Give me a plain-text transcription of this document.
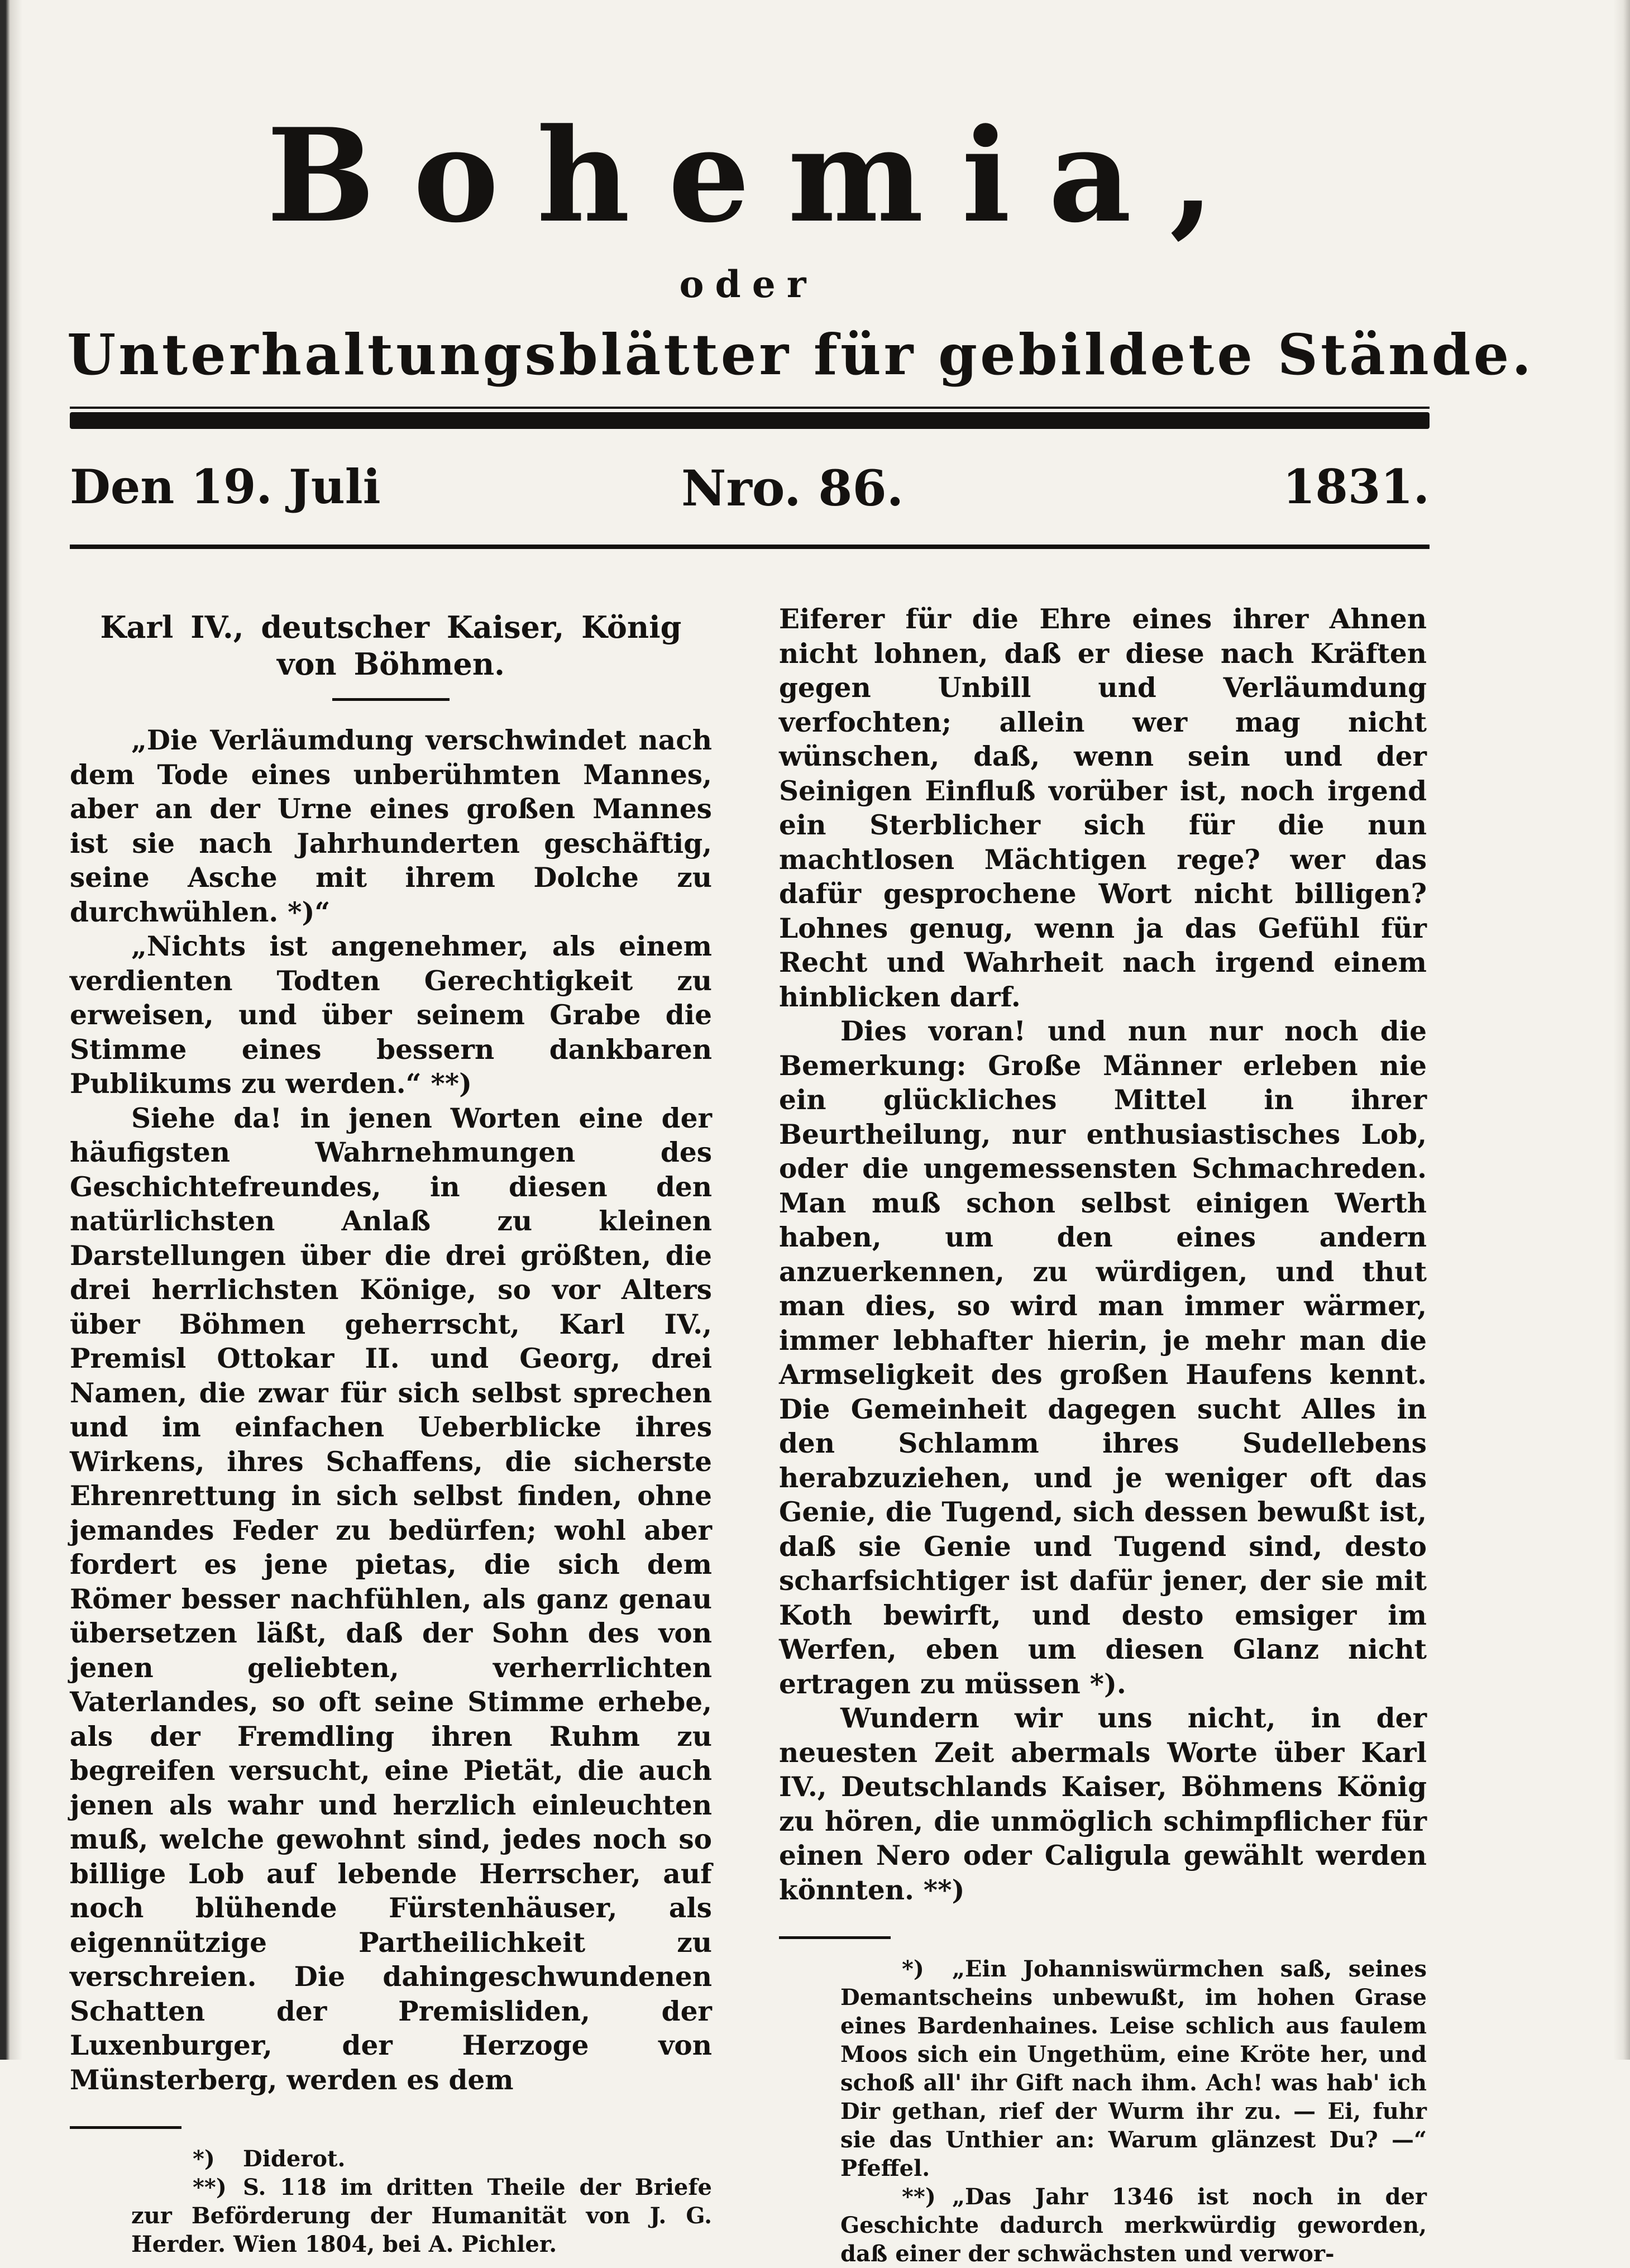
Bohemia,
oder
Unterhaltungsblätter für gebildete Stände.
Den 19. Juli	Nro. 86.	1831.
Karl IV., deutscher Kaiser, König von Böhmen.

„Die Verläumdung verschwindet nach dem Tode eines unberühmten Mannes, aber an der Urne eines großen Mannes ist sie nach Jahrhunderten geschäftig, seine Asche mit ihrem Dolche zu durchwühlen. *)“

„Nichts ist angenehmer, als einem verdienten Todten Gerechtigkeit zu erweisen, und über seinem Grabe die Stimme eines bessern dankbaren Publikums zu werden.“ **)

Siehe da! in jenen Worten eine der häufigsten Wahrnehmungen des Geschichtefreundes, in diesen den natürlichsten Anlaß zu kleinen Darstellungen über die drei größten, die drei herrlichsten Könige, so vor Alters über Böhmen geherrscht, Karl IV., Premisl Ottokar II. und Georg, drei Namen, die zwar für sich selbst sprechen und im einfachen Ueberblicke ihres Wirkens, ihres Schaffens, die sicherste Ehrenrettung in sich selbst finden, ohne jemandes Feder zu bedürfen; wohl aber fordert es jene pietas, die sich dem Römer besser nachfühlen, als ganz genau übersetzen läßt, daß der Sohn des von jenen geliebten, verherrlichten Vaterlandes, so oft seine Stimme erhebe, als der Fremdling ihren Ruhm zu begreifen versucht, eine Pietät, die auch jenen als wahr und herzlich einleuchten muß, welche gewohnt sind, jedes noch so billige Lob auf lebende Herrscher, auf noch blühende Fürstenhäuser, als eigennützige Partheilichkeit zu verschreien. Die dahingeschwundenen Schatten der Premisliden, der Luxenburger, der Herzoge von Münsterberg, werden es dem

*) Diderot.

**) S. 118 im dritten Theile der Briefe zur Beförderung der Humanität von J. G. Herder. Wien 1804, bei A. Pichler.

Eiferer für die Ehre eines ihrer Ahnen nicht lohnen, daß er diese nach Kräften gegen Unbill und Verläumdung verfochten; allein wer mag nicht wünschen, daß, wenn sein und der Seinigen Einfluß vorüber ist, noch irgend ein Sterblicher sich für die nun machtlosen Mächtigen rege? wer das dafür gesprochene Wort nicht billigen? Lohnes genug, wenn ja das Gefühl für Recht und Wahrheit nach irgend einem hinblicken darf.

Dies voran! und nun nur noch die Bemerkung: Große Männer erleben nie ein glückliches Mittel in ihrer Beurtheilung, nur enthusiastisches Lob, oder die ungemessensten Schmachreden. Man muß schon selbst einigen Werth haben, um den eines andern anzuerkennen, zu würdigen, und thut man dies, so wird man immer wärmer, immer lebhafter hierin, je mehr man die Armseligkeit des großen Haufens kennt. Die Gemeinheit dagegen sucht Alles in den Schlamm ihres Sudellebens herabzuziehen, und je weniger oft das Genie, die Tugend, sich dessen bewußt ist, daß sie Genie und Tugend sind, desto scharfsichtiger ist dafür jener, der sie mit Koth bewirft, und desto emsiger im Werfen, eben um diesen Glanz nicht ertragen zu müssen *).

Wundern wir uns nicht, in der neuesten Zeit abermals Worte über Karl IV., Deutschlands Kaiser, Böhmens König zu hören, die unmöglich schimpflicher für einen Nero oder Caligula gewählt werden könnten. **)

*) „Ein Johanniswürmchen saß, seines Demantscheins unbewußt, im hohen Grase eines Bardenhaines. Leise schlich aus faulem Moos sich ein Ungethüm, eine Kröte her, und schoß all' ihr Gift nach ihm. Ach! was hab' ich Dir gethan, rief der Wurm ihr zu. — Ei, fuhr sie das Unthier an: Warum glänzest Du? —“ Pfeffel.

**) „Das Jahr 1346 ist noch in der Geschichte dadurch merkwürdig geworden, daß einer der schwächsten und verwor-
